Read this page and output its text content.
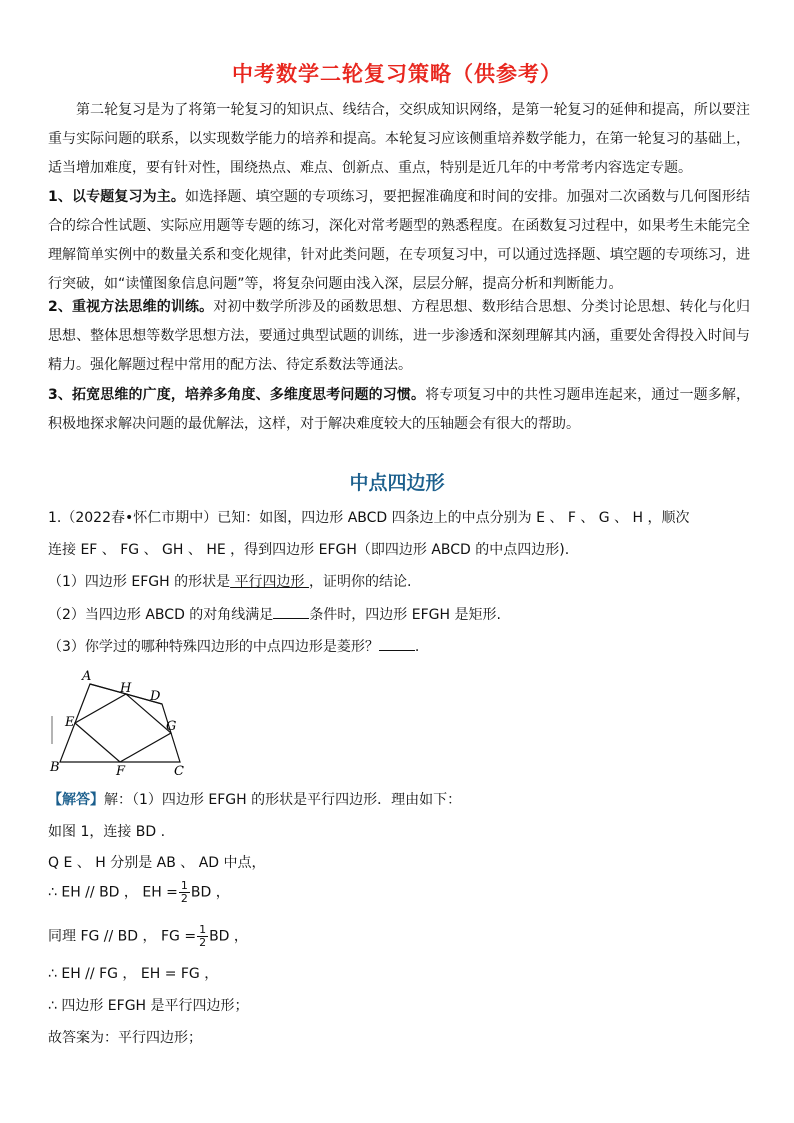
中考数学二轮复习策略（供参考）
第二轮复习是为了将第一轮复习的知识点、线结合，交织成知识网络，是第一轮复习的延伸和提高，所以要注重与实际问题的联系，以实现数学能力的培养和提高。本轮复习应该侧重培养数学能力，在第一轮复习的基础上，适当增加难度，要有针对性，围绕热点、难点、创新点、重点，特别是近几年的中考常考内容选定专题。
1、以专题复习为主。如选择题、填空题的专项练习，要把握准确度和时间的安排。加强对二次函数与几何图形结合的综合性试题、实际应用题等专题的练习，深化对常考题型的熟悉程度。在函数复习过程中，如果考生未能完全理解简单实例中的数量关系和变化规律，针对此类问题，在专项复习中，可以通过选择题、填空题的专项练习，进行突破，如“读懂图象信息问题”等，将复杂问题由浅入深，层层分解，提高分析和判断能力。
2、重视方法思维的训练。对初中数学所涉及的函数思想、方程思想、数形结合思想、分类讨论思想、转化与化归思想、整体思想等数学思想方法，要通过典型试题的训练，进一步渗透和深刻理解其内涵，重要处舍得投入时间与精力。强化解题过程中常用的配方法、待定系数法等通法。
3、拓宽思维的广度，培养多角度、多维度思考问题的习惯。将专项复习中的共性习题串连起来，通过一题多解，积极地探求解决问题的最优解法，这样，对于解决难度较大的压轴题会有很大的帮助。
中点四边形
1.（2022春•怀仁市期中）已知：如图，四边形 ABCD 四条边上的中点分别为 E 、 F 、 G 、 H ，顺次
连接 EF 、 FG 、 GH 、 HE ，得到四边形 EFGH（即四边形 ABCD 的中点四边形).
（1）四边形 EFGH 的形状是 平行四边形 ，证明你的结论.
（2）当四边形 ABCD 的对角线满足	条件时，四边形 EFGH 是矩形.
（3）你学过的哪种特殊四边形的中点四边形是菱形？	.
A
B	C
D
E
F
G
H
【解答】解：（1）四边形 EFGH 的形状是平行四边形．理由如下：
如图 1，连接 BD .
Q E 、 H 分别是 AB 、 AD 中点，
∴ EH // BD ， EH = $\frac{1}{2}$ BD ，
同理 FG // BD ， FG = $\frac{1}{2}$ BD ，
∴ EH // FG ， EH = FG ，
∴ 四边形 EFGH 是平行四边形；
故答案为：平行四边形；
